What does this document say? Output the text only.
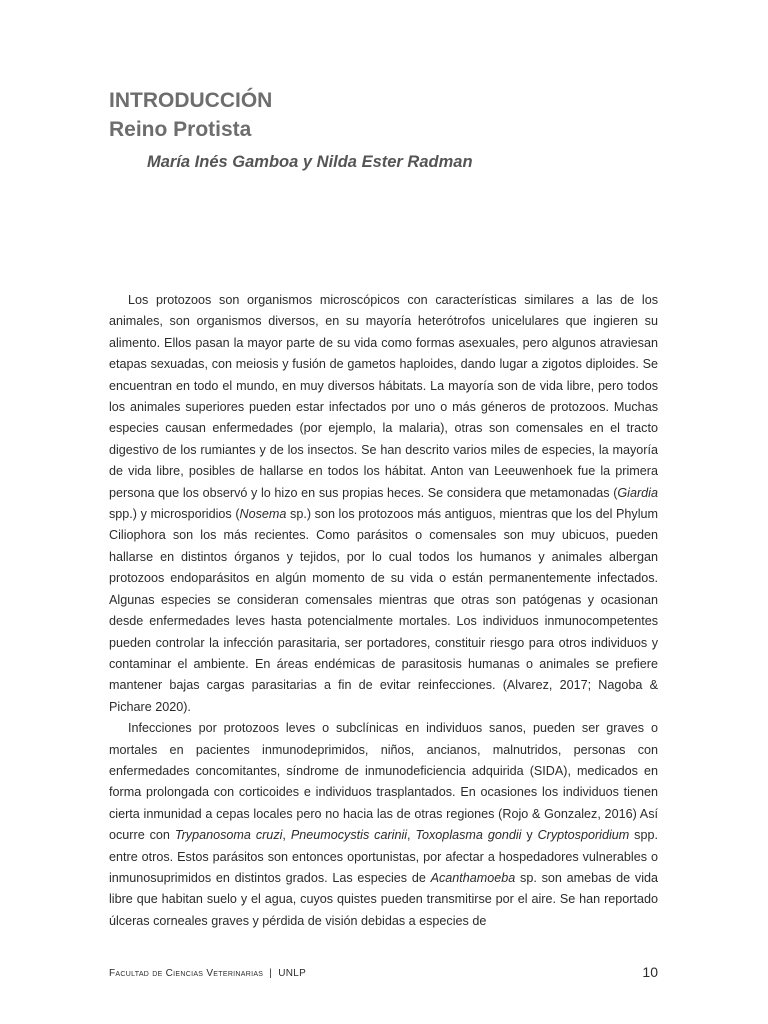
INTRODUCCIÓN
Reino Protista

María Inés Gamboa y Nilda Ester Radman

Los protozoos son organismos microscópicos con características similares a las de los animales, son organismos diversos, en su mayoría heterótrofos unicelulares que ingieren su alimento. Ellos pasan la mayor parte de su vida como formas asexuales, pero algunos atraviesan etapas sexuadas, con meiosis y fusión de gametos haploides, dando lugar a zigotos diploides. Se encuentran en todo el mundo, en muy diversos hábitats. La mayoría son de vida libre, pero todos los animales superiores pueden estar infectados por uno o más géneros de protozoos. Muchas especies causan enfermedades (por ejemplo, la malaria), otras son comensales en el tracto digestivo de los rumiantes y de los insectos. Se han descrito varios miles de especies, la mayoría de vida libre, posibles de hallarse en todos los hábitat. Anton van Leeuwenhoek fue la primera persona que los observó y lo hizo en sus propias heces. Se considera que metamonadas (Giardia spp.) y microsporidios (Nosema sp.) son los protozoos más antiguos, mientras que los del Phylum Ciliophora son los más recientes. Como parásitos o comensales son muy ubicuos, pueden hallarse en distintos órganos y tejidos, por lo cual todos los humanos y animales albergan protozoos endoparásitos en algún momento de su vida o están permanentemente infectados. Algunas especies se consideran comensales mientras que otras son patógenas y ocasionan desde enfermedades leves hasta potencialmente mortales. Los individuos inmunocompetentes pueden controlar la infección parasitaria, ser portadores, constituir riesgo para otros individuos y contaminar el ambiente. En áreas endémicas de parasitosis humanas o animales se prefiere mantener bajas cargas parasitarias a fin de evitar reinfecciones. (Alvarez, 2017; Nagoba & Pichare 2020).

Infecciones por protozoos leves o subclínicas en individuos sanos, pueden ser graves o mortales en pacientes inmunodeprimidos, niños, ancianos, malnutridos, personas con enfermedades concomitantes, síndrome de inmunodeficiencia adquirida (SIDA), medicados en forma prolongada con corticoides e individuos trasplantados. En ocasiones los individuos tienen cierta inmunidad a cepas locales pero no hacia las de otras regiones (Rojo & Gonzalez, 2016) Así ocurre con Trypanosoma cruzi, Pneumocystis carinii, Toxoplasma gondii y Cryptosporidium spp. entre otros. Estos parásitos son entonces oportunistas, por afectar a hospedadores vulnerables o inmunosuprimidos en distintos grados. Las especies de Acanthamoeba sp. son amebas de vida libre que habitan suelo y el agua, cuyos quistes pueden transmitirse por el aire. Se han reportado úlceras corneales graves y pérdida de visión debidas a especies de

Facultad de Ciencias Veterinarias | UNLP	10
